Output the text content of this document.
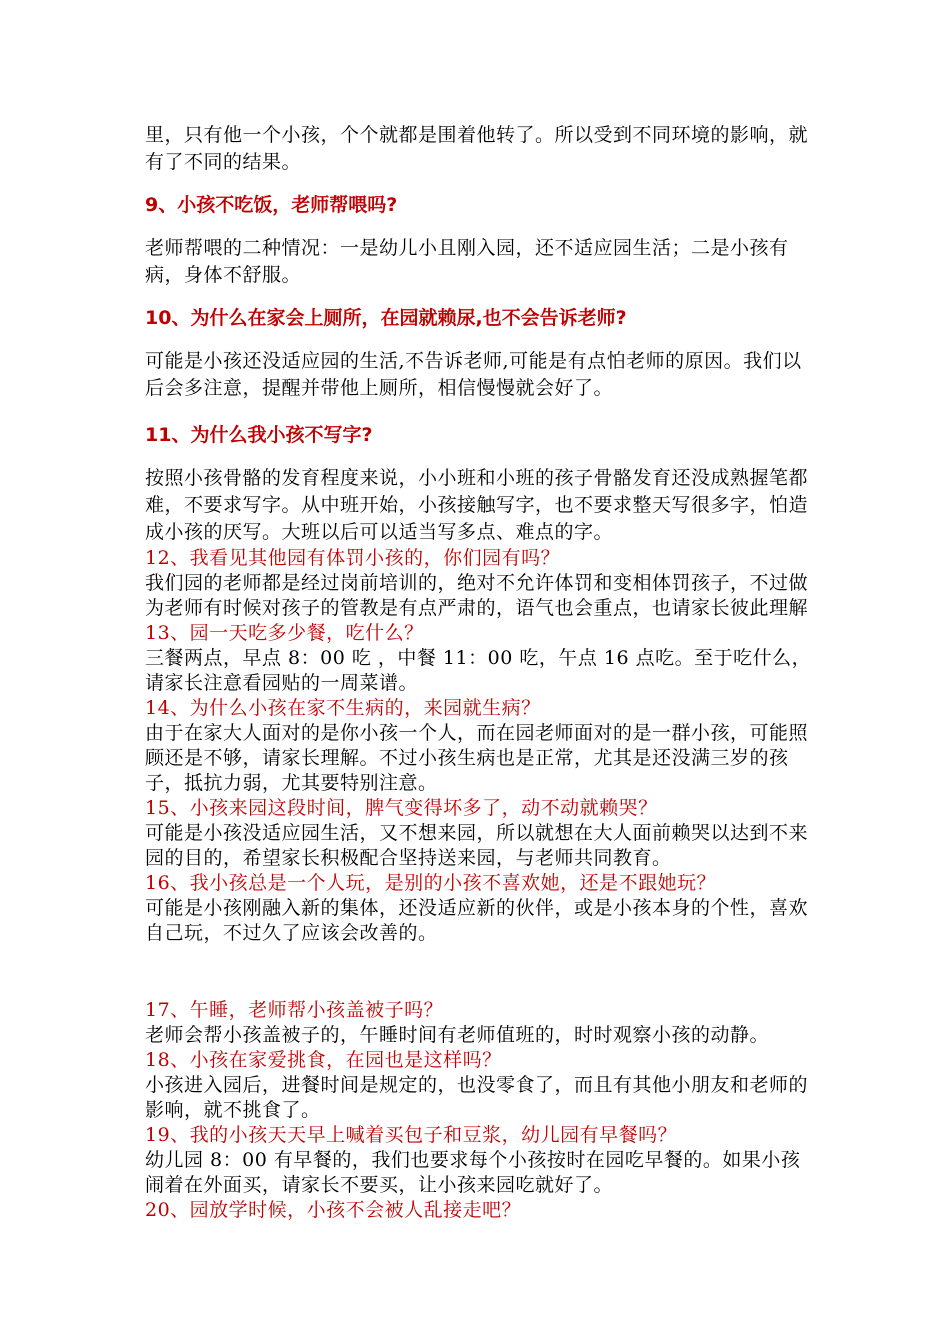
里，只有他一个小孩，个个就都是围着他转了。所以受到不同环境的影响，就有了不同的结果。

9、小孩不吃饭，老师帮喂吗?

老师帮喂的二种情况：一是幼儿小且刚入园，还不适应园生活；二是小孩有病，身体不舒服。

10、为什么在家会上厕所，在园就赖尿,也不会告诉老师?

可能是小孩还没适应园的生活,不告诉老师,可能是有点怕老师的原因。我们以后会多注意，提醒并带他上厕所，相信慢慢就会好了。

11、为什么我小孩不写字?

按照小孩骨骼的发育程度来说，小小班和小班的孩子骨骼发育还没成熟握笔都难，不要求写字。从中班开始，小孩接触写字，也不要求整天写很多字，怕造成小孩的厌写。大班以后可以适当写多点、难点的字。

12、我看见其他园有体罚小孩的，你们园有吗？

我们园的老师都是经过岗前培训的，绝对不允许体罚和变相体罚孩子，不过做为老师有时候对孩子的管教是有点严肃的，语气也会重点，也请家长彼此理解

13、园一天吃多少餐，吃什么？

三餐两点，早点 8：00 吃 ，中餐 11：00 吃，午点 16 点吃。至于吃什么，请家长注意看园贴的一周菜谱。

14、为什么小孩在家不生病的，来园就生病？

由于在家大人面对的是你小孩一个人，而在园老师面对的是一群小孩，可能照顾还是不够，请家长理解。不过小孩生病也是正常，尤其是还没满三岁的孩子，抵抗力弱，尤其要特别注意。

15、小孩来园这段时间，脾气变得坏多了，动不动就赖哭？

可能是小孩没适应园生活，又不想来园，所以就想在大人面前赖哭以达到不来园的目的，希望家长积极配合坚持送来园，与老师共同教育。

16、我小孩总是一个人玩，是别的小孩不喜欢她，还是不跟她玩？

可能是小孩刚融入新的集体，还没适应新的伙伴，或是小孩本身的个性，喜欢自己玩，不过久了应该会改善的。

17、午睡，老师帮小孩盖被子吗？

老师会帮小孩盖被子的，午睡时间有老师值班的，时时观察小孩的动静。

18、小孩在家爱挑食，在园也是这样吗？

小孩进入园后，进餐时间是规定的，也没零食了，而且有其他小朋友和老师的影响，就不挑食了。

19、我的小孩天天早上喊着买包子和豆浆，幼儿园有早餐吗？

幼儿园 8：00 有早餐的，我们也要求每个小孩按时在园吃早餐的。如果小孩闹着在外面买，请家长不要买，让小孩来园吃就好了。

20、园放学时候，小孩不会被人乱接走吧？
